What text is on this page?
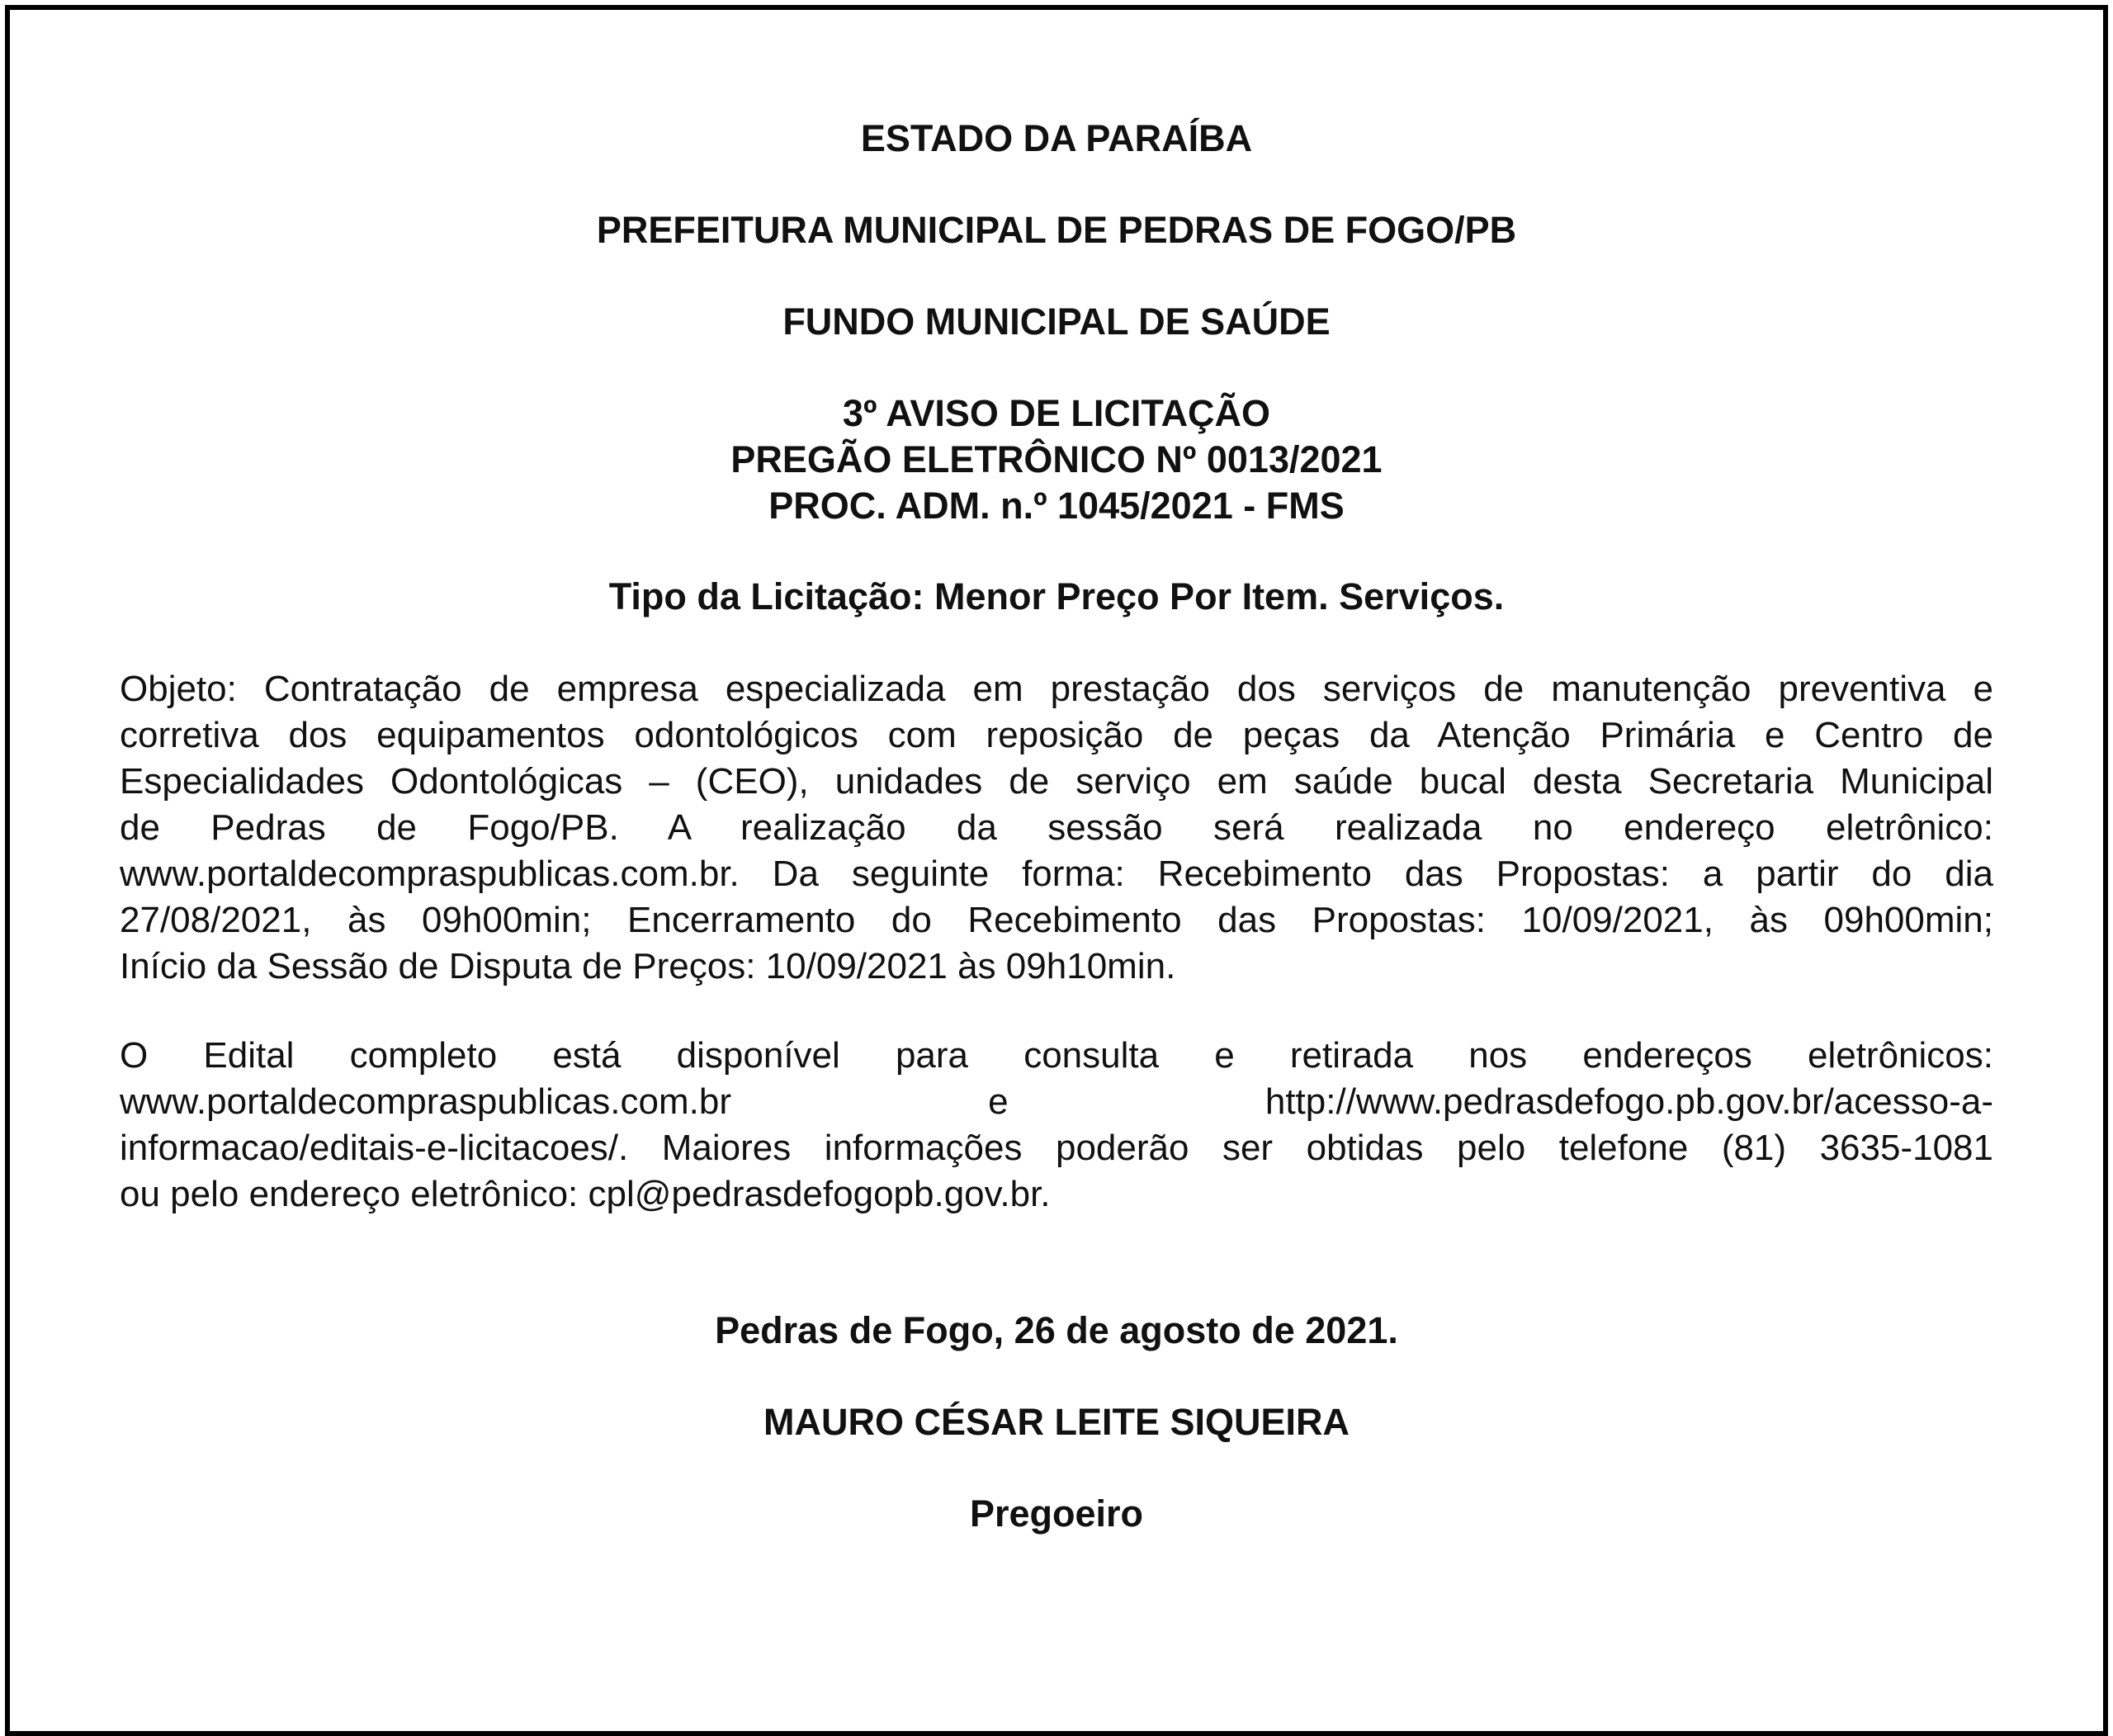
ESTADO DA PARAÍBA

PREFEITURA MUNICIPAL DE PEDRAS DE FOGO/PB

FUNDO MUNICIPAL DE SAÚDE

3º AVISO DE LICITAÇÃO

PREGÃO ELETRÔNICO Nº 0013/2021

PROC. ADM. n.º 1045/2021 - FMS

Tipo da Licitação: Menor Preço Por Item. Serviços.

Objeto: Contratação de empresa especializada em prestação dos serviços de manutenção preventiva e
corretiva dos equipamentos odontológicos com reposição de peças da Atenção Primária e Centro de
Especialidades Odontológicas – (CEO), unidades de serviço em saúde bucal desta Secretaria Municipal
de Pedras de Fogo/PB. A realização da sessão será realizada no endereço eletrônico:
www.portaldecompraspublicas.com.br. Da seguinte forma: Recebimento das Propostas: a partir do dia
27/08/2021, às 09h00min; Encerramento do Recebimento das Propostas: 10/09/2021, às 09h00min;
Início da Sessão de Disputa de Preços: 10/09/2021 às 09h10min.

O Edital completo está disponível para consulta e retirada nos endereços eletrônicos:
www.portaldecompraspublicas.com.br e http://www.pedrasdefogo.pb.gov.br/acesso-a-
informacao/editais-e-licitacoes/. Maiores informações poderão ser obtidas pelo telefone (81) 3635-1081
ou pelo endereço eletrônico: cpl@pedrasdefogopb.gov.br.

Pedras de Fogo, 26 de agosto de 2021.

MAURO CÉSAR LEITE SIQUEIRA

Pregoeiro
